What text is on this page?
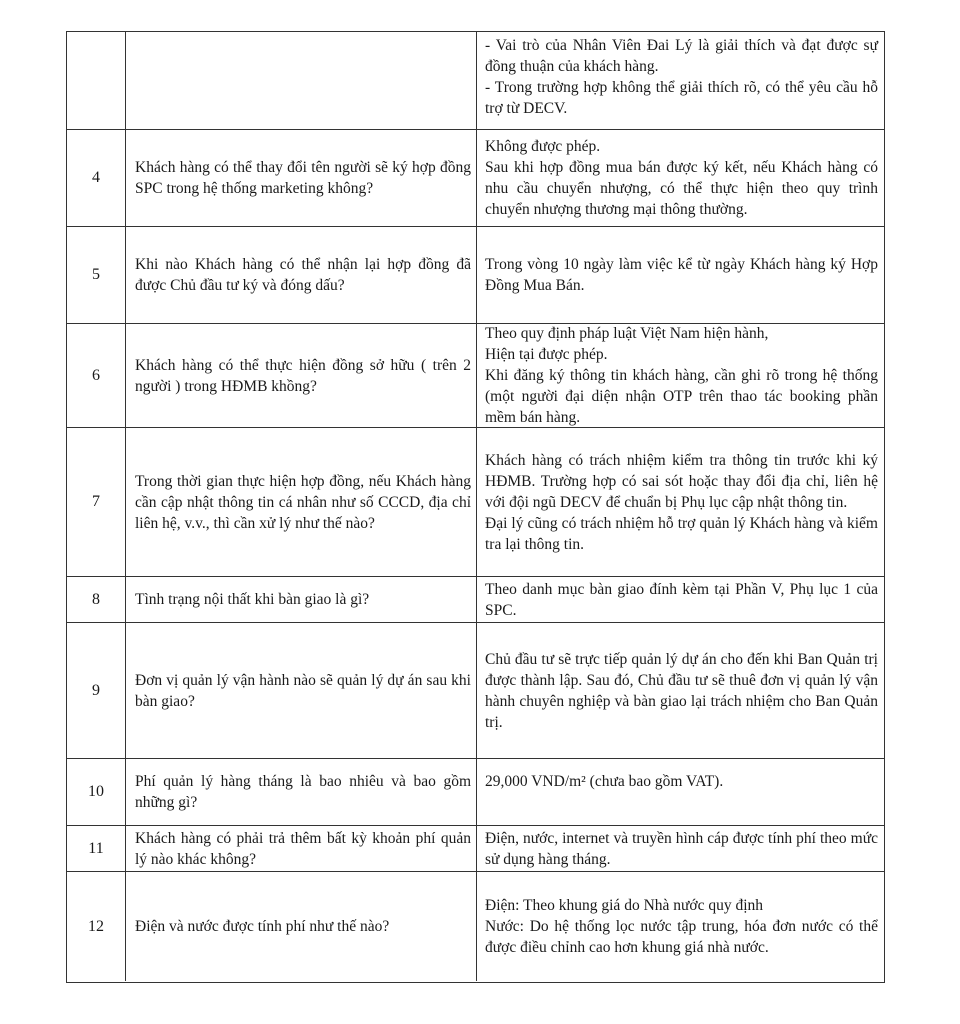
- Vai trò của Nhân Viên Đai Lý là giải thích và đạt được sự đồng thuận của khách hàng.
- Trong trường hợp không thể giải thích rõ, có thể yêu cầu hỗ trợ từ DECV.
4
Khách hàng có thể thay đổi tên người sẽ ký hợp đồng SPC trong hệ thống marketing không?
Không được phép.
Sau khi hợp đồng mua bán được ký kết, nếu Khách hàng có nhu cầu chuyển nhượng, có thể thực hiện theo quy trình chuyển nhượng thương mại thông thường.
5
Khi nào Khách hàng có thể nhận lại hợp đồng đã được Chủ đầu tư ký và đóng dấu?
Trong vòng 10 ngày làm việc kể từ ngày Khách hàng ký Hợp Đồng Mua Bán.
6
Khách hàng có thể thực hiện đồng sở hữu ( trên 2 người ) trong HĐMB khồng?
Theo quy định pháp luật Việt Nam hiện hành,
Hiện tại được phép.
Khi đăng ký thông tin khách hàng, cần ghi rõ trong hệ thống (một người đại diện nhận OTP trên thao tác booking phần mềm bán hàng.
7
Trong thời gian thực hiện hợp đồng, nếu Khách hàng cần cập nhật thông tin cá nhân như số CCCD, địa chỉ liên hệ, v.v., thì cần xử lý như thế nào?
Khách hàng có trách nhiệm kiểm tra thông tin trước khi ký HĐMB. Trường hợp có sai sót hoặc thay đổi địa chỉ, liên hệ với đội ngũ DECV để chuẩn bị Phụ lục cập nhật thông tin.
Đại lý cũng có trách nhiệm hỗ trợ quản lý Khách hàng và kiểm tra lại thông tin.
8	Tình trạng nội thất khi bàn giao là gì?
Theo danh mục bàn giao đính kèm tại Phần V, Phụ lục 1 của SPC.
9
Đơn vị quản lý vận hành nào sẽ quản lý dự án sau khi bàn giao?
Chủ đầu tư sẽ trực tiếp quản lý dự án cho đến khi Ban Quản trị được thành lập. Sau đó, Chủ đầu tư sẽ thuê đơn vị quản lý vận hành chuyên nghiệp và bàn giao lại trách nhiệm cho Ban Quản trị.
10
Phí quản lý hàng tháng là bao nhiêu và bao gồm những gì?
29,000 VND/m² (chưa bao gồm VAT).
11
Khách hàng có phải trả thêm bất kỳ khoản phí quản lý nào khác không?
Điện, nước, internet và truyền hình cáp được tính phí theo mức sử dụng hàng tháng.
12	Điện và nước được tính phí như thế nào?
Điện: Theo khung giá do Nhà nước quy định
Nước: Do hệ thống lọc nước tập trung, hóa đơn nước có thể được điều chỉnh cao hơn khung giá nhà nước.
